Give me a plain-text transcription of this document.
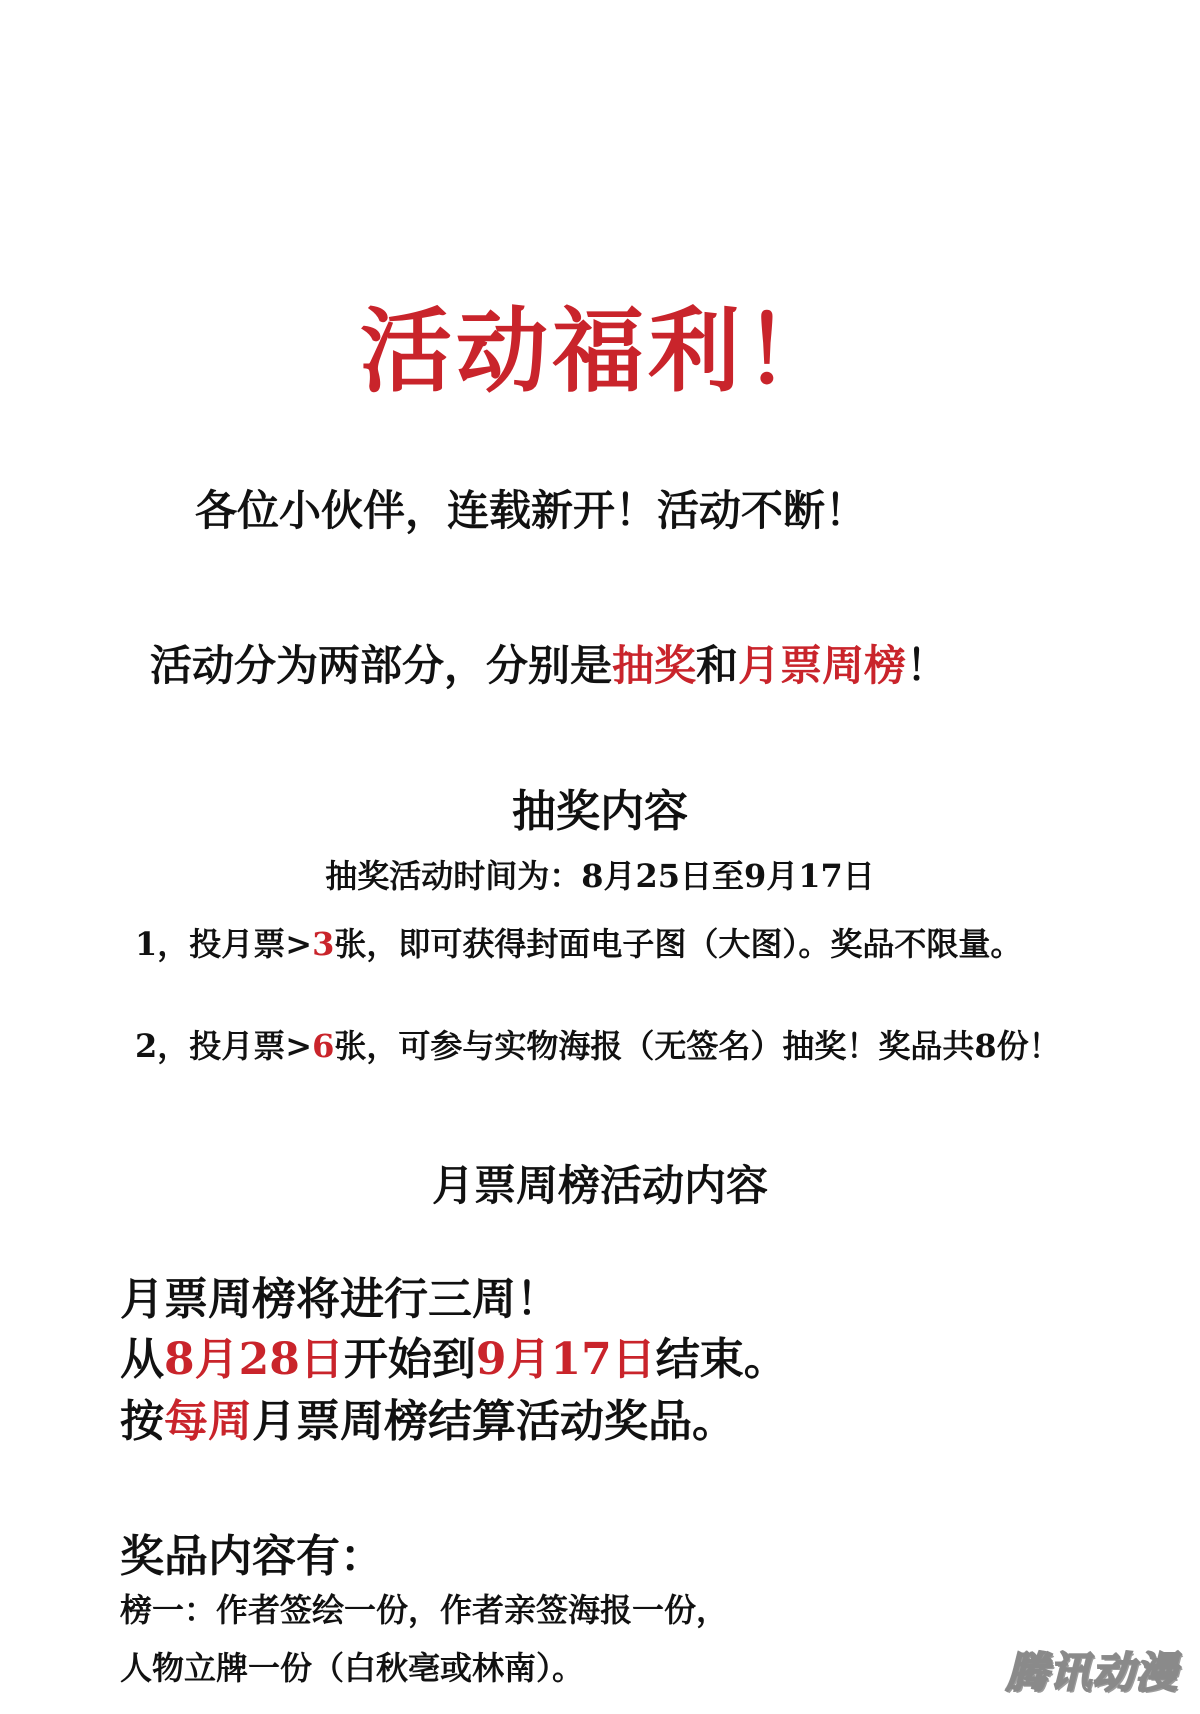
活动福利！
各位小伙伴，连载新开！活动不断！
活动分为两部分，分别是抽奖和月票周榜！
抽奖内容
抽奖活动时间为：8月25日至9月17日
1，投月票>3张，即可获得封面电子图（大图）。奖品不限量。
2，投月票>6张，可参与实物海报（无签名）抽奖！奖品共8份！
月票周榜活动内容
月票周榜将进行三周！
从8月28日开始到9月17日结束。
按每周月票周榜结算活动奖品。
奖品内容有：
榜一：作者签绘一份，作者亲签海报一份，
人物立牌一份（白秋亳或林南）。	腾讯动漫
